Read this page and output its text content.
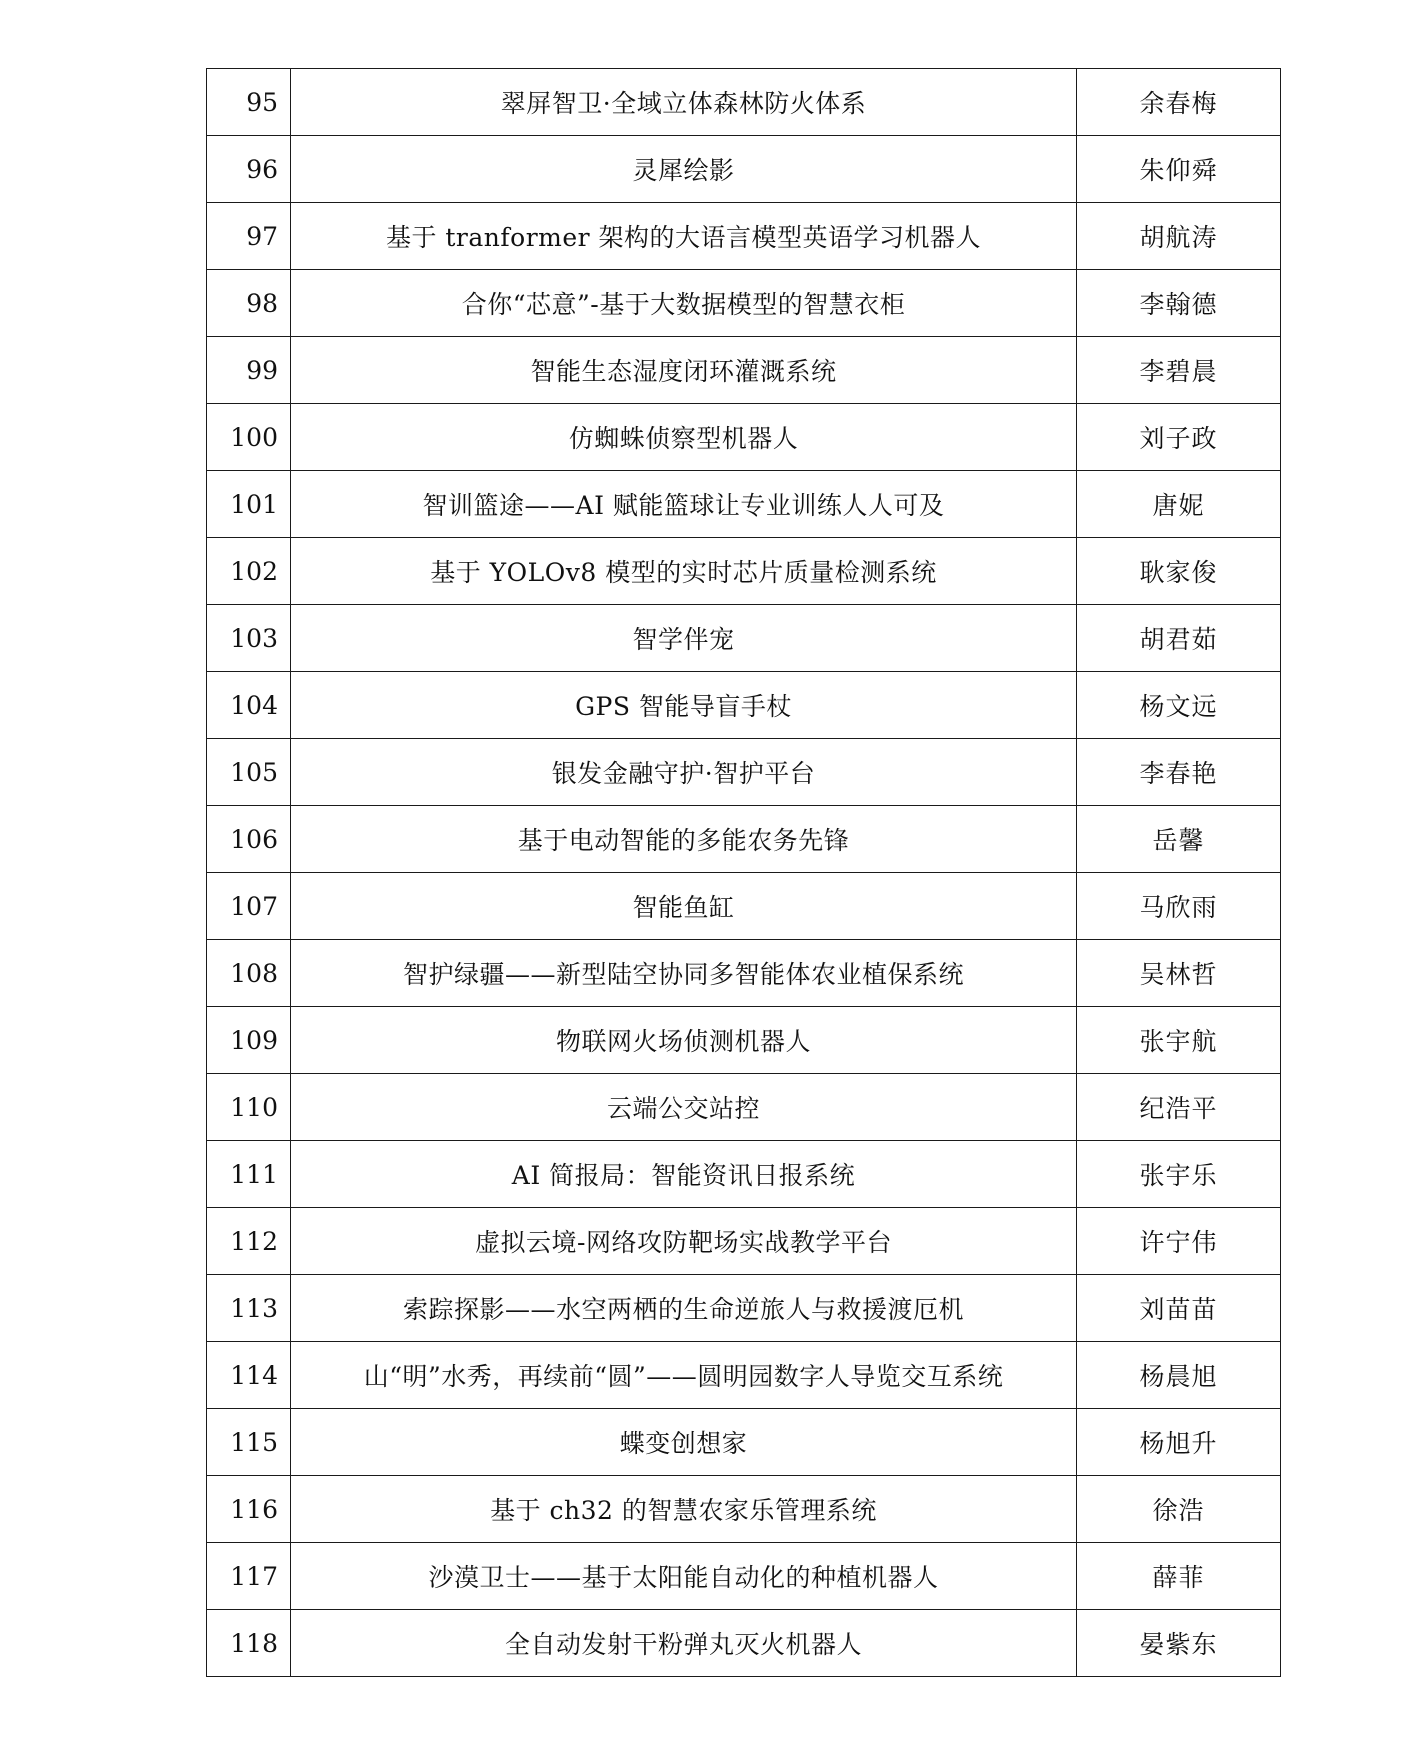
95	翠屏智卫·全域立体森林防火体系	余春梅
96	灵犀绘影	朱仰舜
97	基于 tranformer 架构的大语言模型英语学习机器人	胡航涛
98	合你“芯意”-基于大数据模型的智慧衣柜	李翰德
99	智能生态湿度闭环灌溉系统	李碧晨
100	仿蜘蛛侦察型机器人	刘子政
101	智训篮途——AI 赋能篮球让专业训练人人可及	唐妮
102	基于 YOLOv8 模型的实时芯片质量检测系统	耿家俊
103	智学伴宠	胡君茹
104	GPS 智能导盲手杖	杨文远
105	银发金融守护·智护平台	李春艳
106	基于电动智能的多能农务先锋	岳馨
107	智能鱼缸	马欣雨
108	智护绿疆——新型陆空协同多智能体农业植保系统	吴林哲
109	物联网火场侦测机器人	张宇航
110	云端公交站控	纪浩平
111	AI 简报局：智能资讯日报系统	张宇乐
112	虚拟云境-网络攻防靶场实战教学平台	许宁伟
113	索踪探影——水空两栖的生命逆旅人与救援渡厄机	刘苗苗
114	山“明”水秀，再续前“圆”——圆明园数字人导览交互系统	杨晨旭
115	蝶变创想家	杨旭升
116	基于 ch32 的智慧农家乐管理系统	徐浩
117	沙漠卫士——基于太阳能自动化的种植机器人	薛菲
118	全自动发射干粉弹丸灭火机器人	晏紫东
